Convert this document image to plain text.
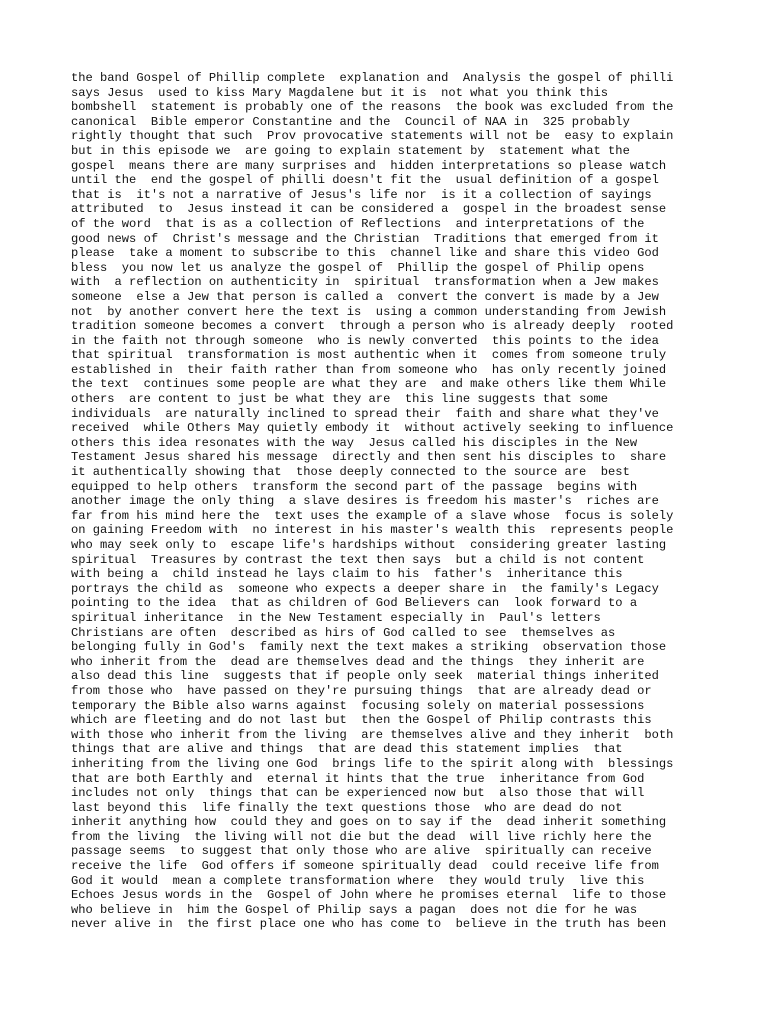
the band Gospel of Phillip complete  explanation and  Analysis the gospel of philli
says Jesus  used to kiss Mary Magdalene but it is  not what you think this
bombshell  statement is probably one of the reasons  the book was excluded from the
canonical  Bible emperor Constantine and the  Council of NAA in  325 probably
rightly thought that such  Prov provocative statements will not be  easy to explain
but in this episode we  are going to explain statement by  statement what the
gospel  means there are many surprises and  hidden interpretations so please watch
until the  end the gospel of philli doesn't fit the  usual definition of a gospel
that is  it's not a narrative of Jesus's life nor  is it a collection of sayings
attributed  to  Jesus instead it can be considered a  gospel in the broadest sense
of the word  that is as a collection of Reflections  and interpretations of the
good news of  Christ's message and the Christian  Traditions that emerged from it
please  take a moment to subscribe to this  channel like and share this video God
bless  you now let us analyze the gospel of  Phillip the gospel of Philip opens
with  a reflection on authenticity in  spiritual  transformation when a Jew makes
someone  else a Jew that person is called a  convert the convert is made by a Jew
not  by another convert here the text is  using a common understanding from Jewish
tradition someone becomes a convert  through a person who is already deeply  rooted
in the faith not through someone  who is newly converted  this points to the idea
that spiritual  transformation is most authentic when it  comes from someone truly
established in  their faith rather than from someone who  has only recently joined
the text  continues some people are what they are  and make others like them While
others  are content to just be what they are  this line suggests that some
individuals  are naturally inclined to spread their  faith and share what they've
received  while Others May quietly embody it  without actively seeking to influence
others this idea resonates with the way  Jesus called his disciples in the New
Testament Jesus shared his message  directly and then sent his disciples to  share
it authentically showing that  those deeply connected to the source are  best
equipped to help others  transform the second part of the passage  begins with
another image the only thing  a slave desires is freedom his master's  riches are
far from his mind here the  text uses the example of a slave whose  focus is solely
on gaining Freedom with  no interest in his master's wealth this  represents people
who may seek only to  escape life's hardships without  considering greater lasting
spiritual  Treasures by contrast the text then says  but a child is not content
with being a  child instead he lays claim to his  father's  inheritance this
portrays the child as  someone who expects a deeper share in  the family's Legacy
pointing to the idea  that as children of God Believers can  look forward to a
spiritual inheritance  in the New Testament especially in  Paul's letters
Christians are often  described as hirs of God called to see  themselves as
belonging fully in God's  family next the text makes a striking  observation those
who inherit from the  dead are themselves dead and the things  they inherit are
also dead this line  suggests that if people only seek  material things inherited
from those who  have passed on they're pursuing things  that are already dead or
temporary the Bible also warns against  focusing solely on material possessions
which are fleeting and do not last but  then the Gospel of Philip contrasts this
with those who inherit from the living  are themselves alive and they inherit  both
things that are alive and things  that are dead this statement implies  that
inheriting from the living one God  brings life to the spirit along with  blessings
that are both Earthly and  eternal it hints that the true  inheritance from God
includes not only  things that can be experienced now but  also those that will
last beyond this  life finally the text questions those  who are dead do not
inherit anything how  could they and goes on to say if the  dead inherit something
from the living  the living will not die but the dead  will live richly here the
passage seems  to suggest that only those who are alive  spiritually can receive
receive the life  God offers if someone spiritually dead  could receive life from
God it would  mean a complete transformation where  they would truly  live this
Echoes Jesus words in the  Gospel of John where he promises eternal  life to those
who believe in  him the Gospel of Philip says a pagan  does not die for he was
never alive in  the first place one who has come to  believe in the truth has been
